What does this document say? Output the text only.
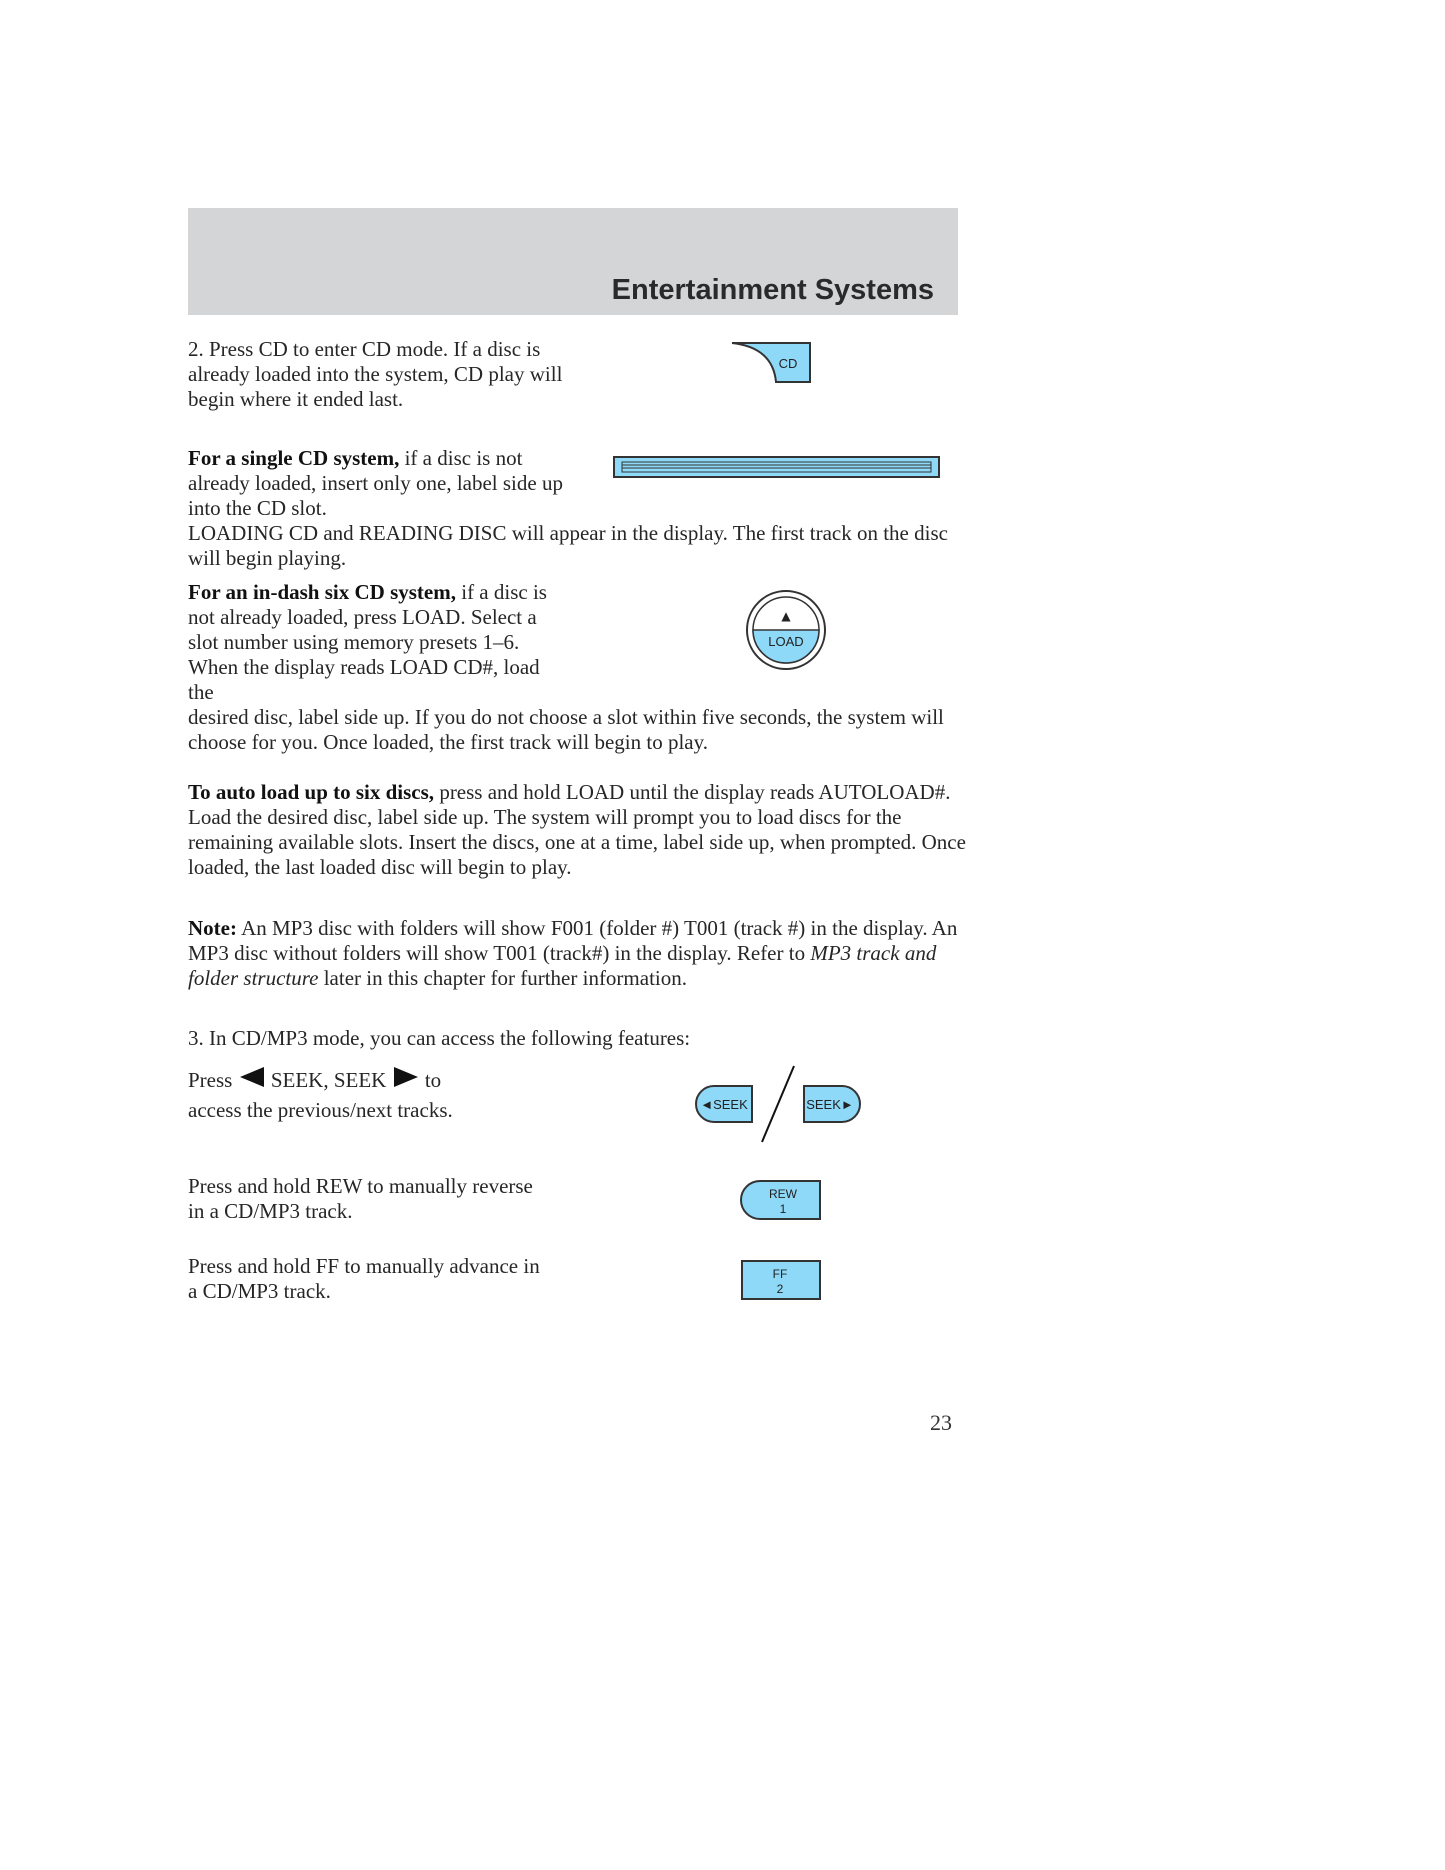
Entertainment Systems

2. Press CD to enter CD mode. If a disc is already loaded into the system, CD play will begin where it ended last.

CD

For a single CD system, if a disc is not already loaded, insert only one, label side up into the CD slot.

LOADING CD and READING DISC will appear in the display. The first track on the disc will begin playing.

For an in-dash six CD system, if a disc is not already loaded, press LOAD. Select a slot number using memory presets 1–6. When the display reads LOAD CD#, load the

desired disc, label side up. If you do not choose a slot within five seconds, the system will choose for you. Once loaded, the first track will begin to play.

▲
LOAD

To auto load up to six discs, press and hold LOAD until the display reads AUTOLOAD#. Load the desired disc, label side up. The system will prompt you to load discs for the remaining available slots. Insert the discs, one at a time, label side up, when prompted. Once loaded, the last loaded disc will begin to play.

Note: An MP3 disc with folders will show F001 (folder #) T001 (track #) in the display. An MP3 disc without folders will show T001 (track#) in the display. Refer to MP3 track and folder structure later in this chapter for further information.

3. In CD/MP3 mode, you can access the following features:

Press  SEEK, SEEK  to
access the previous/next tracks.	◄SEEK	SEEK►

Press and hold REW to manually reverse in a CD/MP3 track.

REW
1

Press and hold FF to manually advance in a CD/MP3 track.

FF
2
23
